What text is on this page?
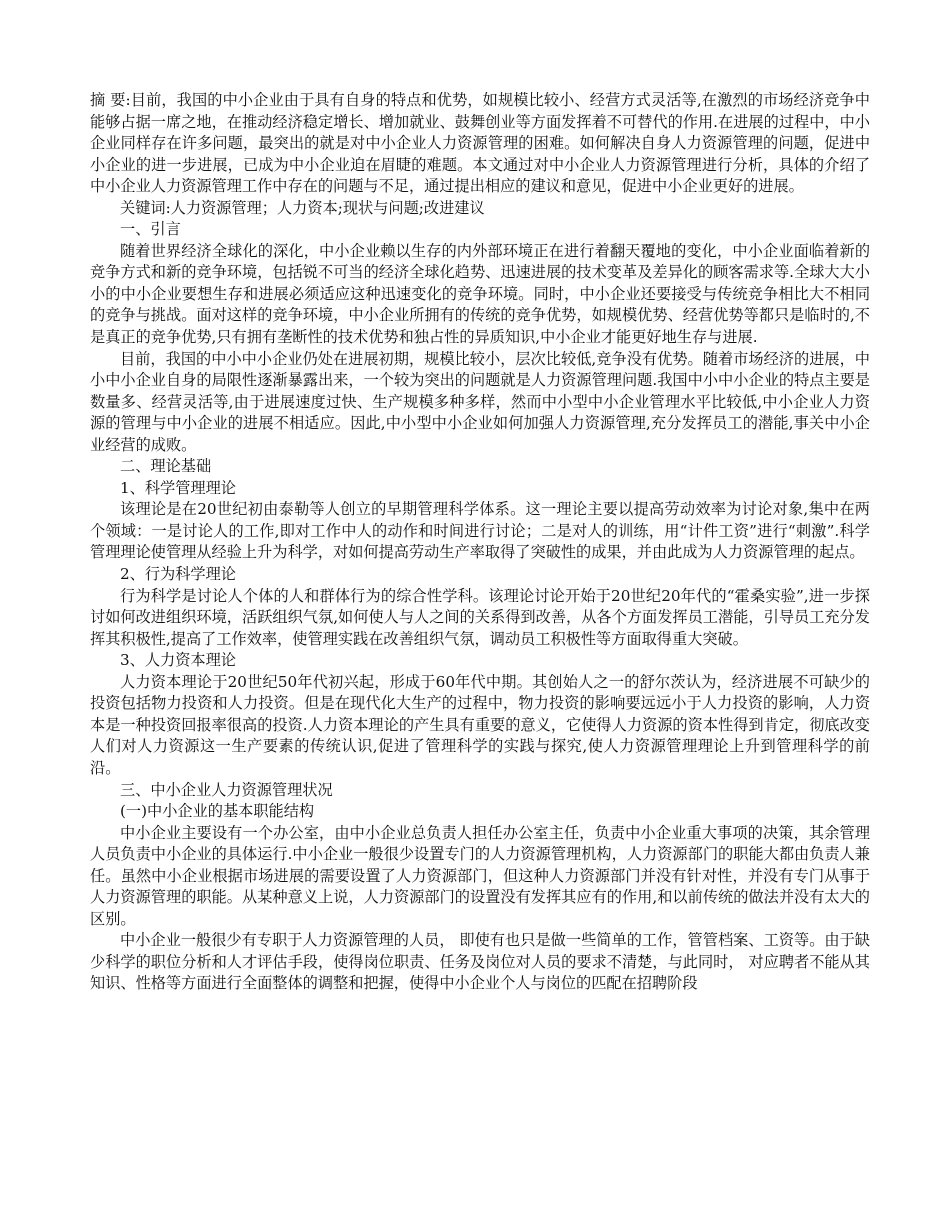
摘 要:目前，我国的中小企业由于具有自身的特点和优势，如规模比较小、经营方式灵活等,在激烈的市场经济竞争中能够占据一席之地，在推动经济稳定增长、增加就业、鼓舞创业等方面发挥着不可替代的作用.在进展的过程中，中小企业同样存在许多问题，最突出的就是对中小企业人力资源管理的困难。如何解决自身人力资源管理的问题，促进中小企业的进一步进展，已成为中小企业迫在眉睫的难题。本文通过对中小企业人力资源管理进行分析，具体的介绍了中小企业人力资源管理工作中存在的问题与不足，通过提出相应的建议和意见，促进中小企业更好的进展。

关键词:人力资源管理；人力资本;现状与问题;改进建议

一、引言

随着世界经济全球化的深化，中小企业赖以生存的内外部环境正在进行着翻天覆地的变化，中小企业面临着新的竞争方式和新的竞争环境，包括锐不可当的经济全球化趋势、迅速进展的技术变革及差异化的顾客需求等.全球大大小小的中小企业要想生存和进展必须适应这种迅速变化的竞争环境。同时，中小企业还要接受与传统竞争相比大不相同的竞争与挑战。面对这样的竞争环境，中小企业所拥有的传统的竞争优势，如规模优势、经营优势等都只是临时的,不是真正的竞争优势,只有拥有垄断性的技术优势和独占性的异质知识,中小企业才能更好地生存与进展.

目前，我国的中小中小企业仍处在进展初期，规模比较小，层次比较低,竞争没有优势。随着市场经济的进展，中小中小企业自身的局限性逐渐暴露出来，一个较为突出的问题就是人力资源管理问题.我国中小中小企业的特点主要是数量多、经营灵活等,由于进展速度过快、生产规模多种多样，然而中小型中小企业管理水平比较低,中小企业人力资源的管理与中小企业的进展不相适应。因此,中小型中小企业如何加强人力资源管理,充分发挥员工的潜能,事关中小企业经营的成败。

二、理论基础

1、科学管理理论

该理论是在20世纪初由泰勒等人创立的早期管理科学体系。这一理论主要以提高劳动效率为讨论对象,集中在两个领域：一是讨论人的工作,即对工作中人的动作和时间进行讨论；二是对人的训练，用“计件工资”进行“刺激”.科学管理理论使管理从经验上升为科学，对如何提高劳动生产率取得了突破性的成果，并由此成为人力资源管理的起点。

2、行为科学理论

行为科学是讨论人个体的人和群体行为的综合性学科。该理论讨论开始于20世纪20年代的“霍桑实验”,进一步探讨如何改进组织环境，活跃组织气氛,如何使人与人之间的关系得到改善，从各个方面发挥员工潜能，引导员工充分发挥其积极性,提高了工作效率，使管理实践在改善组织气氛，调动员工积极性等方面取得重大突破。

3、人力资本理论

人力资本理论于20世纪50年代初兴起，形成于60年代中期。其创始人之一的舒尔茨认为，经济进展不可缺少的投资包括物力投资和人力投资。但是在现代化大生产的过程中，物力投资的影响要远远小于人力投资的影响，人力资本是一种投资回报率很高的投资.人力资本理论的产生具有重要的意义，它使得人力资源的资本性得到肯定，彻底改变人们对人力资源这一生产要素的传统认识,促进了管理科学的实践与探究,使人力资源管理理论上升到管理科学的前沿。

三、中小企业人力资源管理状况

(一)中小企业的基本职能结构

中小企业主要设有一个办公室，由中小企业总负责人担任办公室主任，负责中小企业重大事项的决策，其余管理人员负责中小企业的具体运行.中小企业一般很少设置专门的人力资源管理机构，人力资源部门的职能大都由负责人兼任。虽然中小企业根据市场进展的需要设置了人力资源部门，但这种人力资源部门并没有针对性，并没有专门从事于人力资源管理的职能。从某种意义上说，人力资源部门的设置没有发挥其应有的作用,和以前传统的做法并没有太大的区别。

中小企业一般很少有专职于人力资源管理的人员， 即使有也只是做一些简单的工作，管管档案、工资等。由于缺少科学的职位分析和人才评估手段，使得岗位职责、任务及岗位对人员的要求不清楚，与此同时， 对应聘者不能从其知识、性格等方面进行全面整体的调整和把握，使得中小企业个人与岗位的匹配在招聘阶段
